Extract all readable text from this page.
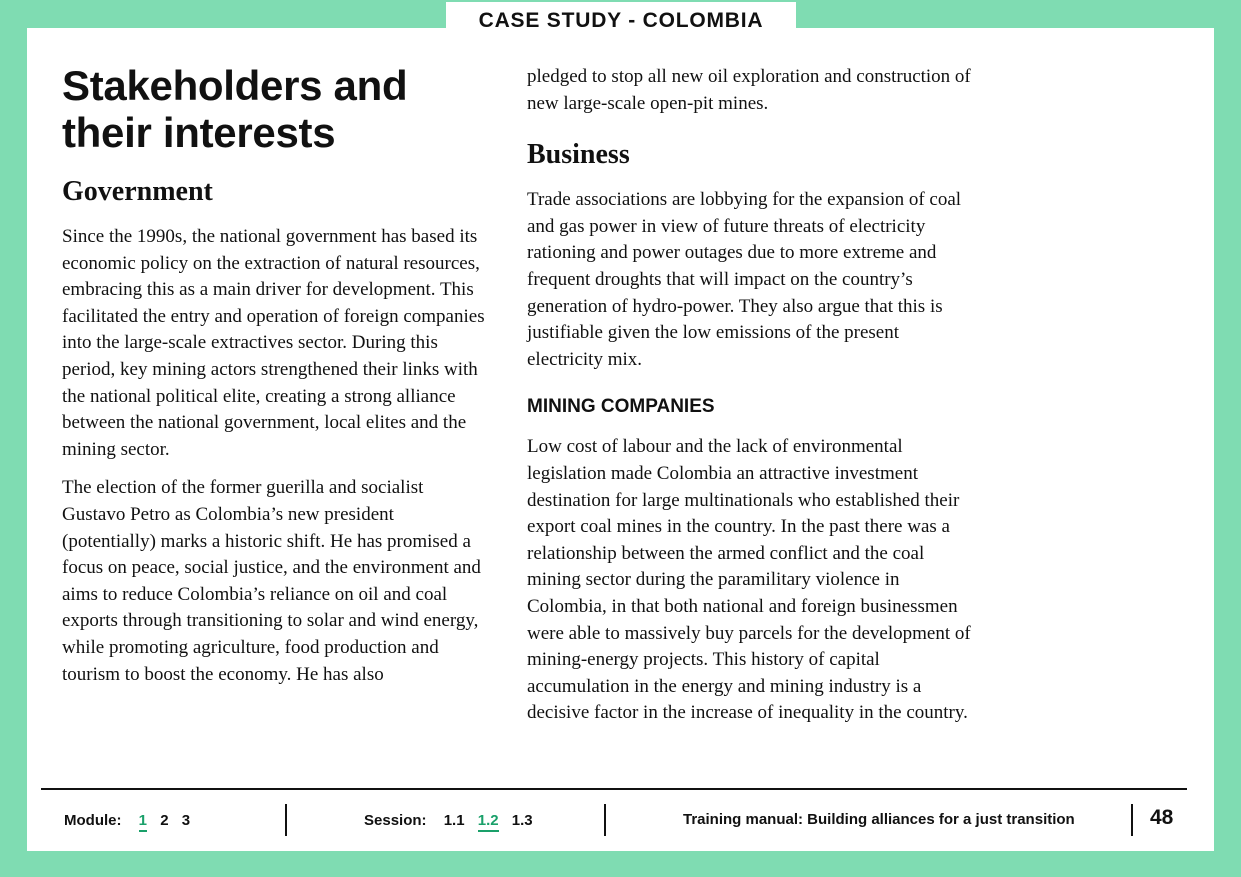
CASE STUDY - COLOMBIA
Stakeholders and their interests
Government

Since the 1990s, the national government has based its economic policy on the extraction of natural resources, embracing this as a main driver for development. This facilitated the entry and operation of foreign companies into the large-scale extractives sector. During this period, key mining actors strengthened their links with the national political elite, creating a strong alliance between the national government, local elites and the mining sector.

The election of the former guerilla and socialist Gustavo Petro as Colombia’s new president (potentially) marks a historic shift. He has promised a focus on peace, social justice, and the environment and aims to reduce Colombia’s reliance on oil and coal exports through transitioning to solar and wind energy, while promoting agriculture, food production and tourism to boost the economy. He has also

pledged to stop all new oil exploration and construction of new large-scale open-pit mines.

Business

Trade associations are lobbying for the expansion of coal and gas power in view of future threats of electricity rationing and power outages due to more extreme and frequent droughts that will impact on the country’s generation of hydro-power. They also argue that this is justifiable given the low emissions of the present electricity mix.

MINING COMPANIES

Low cost of labour and the lack of environmental legislation made Colombia an attractive investment destination for large multinationals who established their export coal mines in the country. In the past there was a relationship between the armed conflict and the coal mining sector during the paramilitary violence in Colombia, in that both national and foreign businessmen were able to massively buy parcels for the development of mining-energy projects. This history of capital accumulation in the energy and mining industry is a decisive factor in the increase of inequality in the country.

Module: 1 2 3	Session: 1.1 1.2 1.3	Training manual: Building alliances for a just transition	48
